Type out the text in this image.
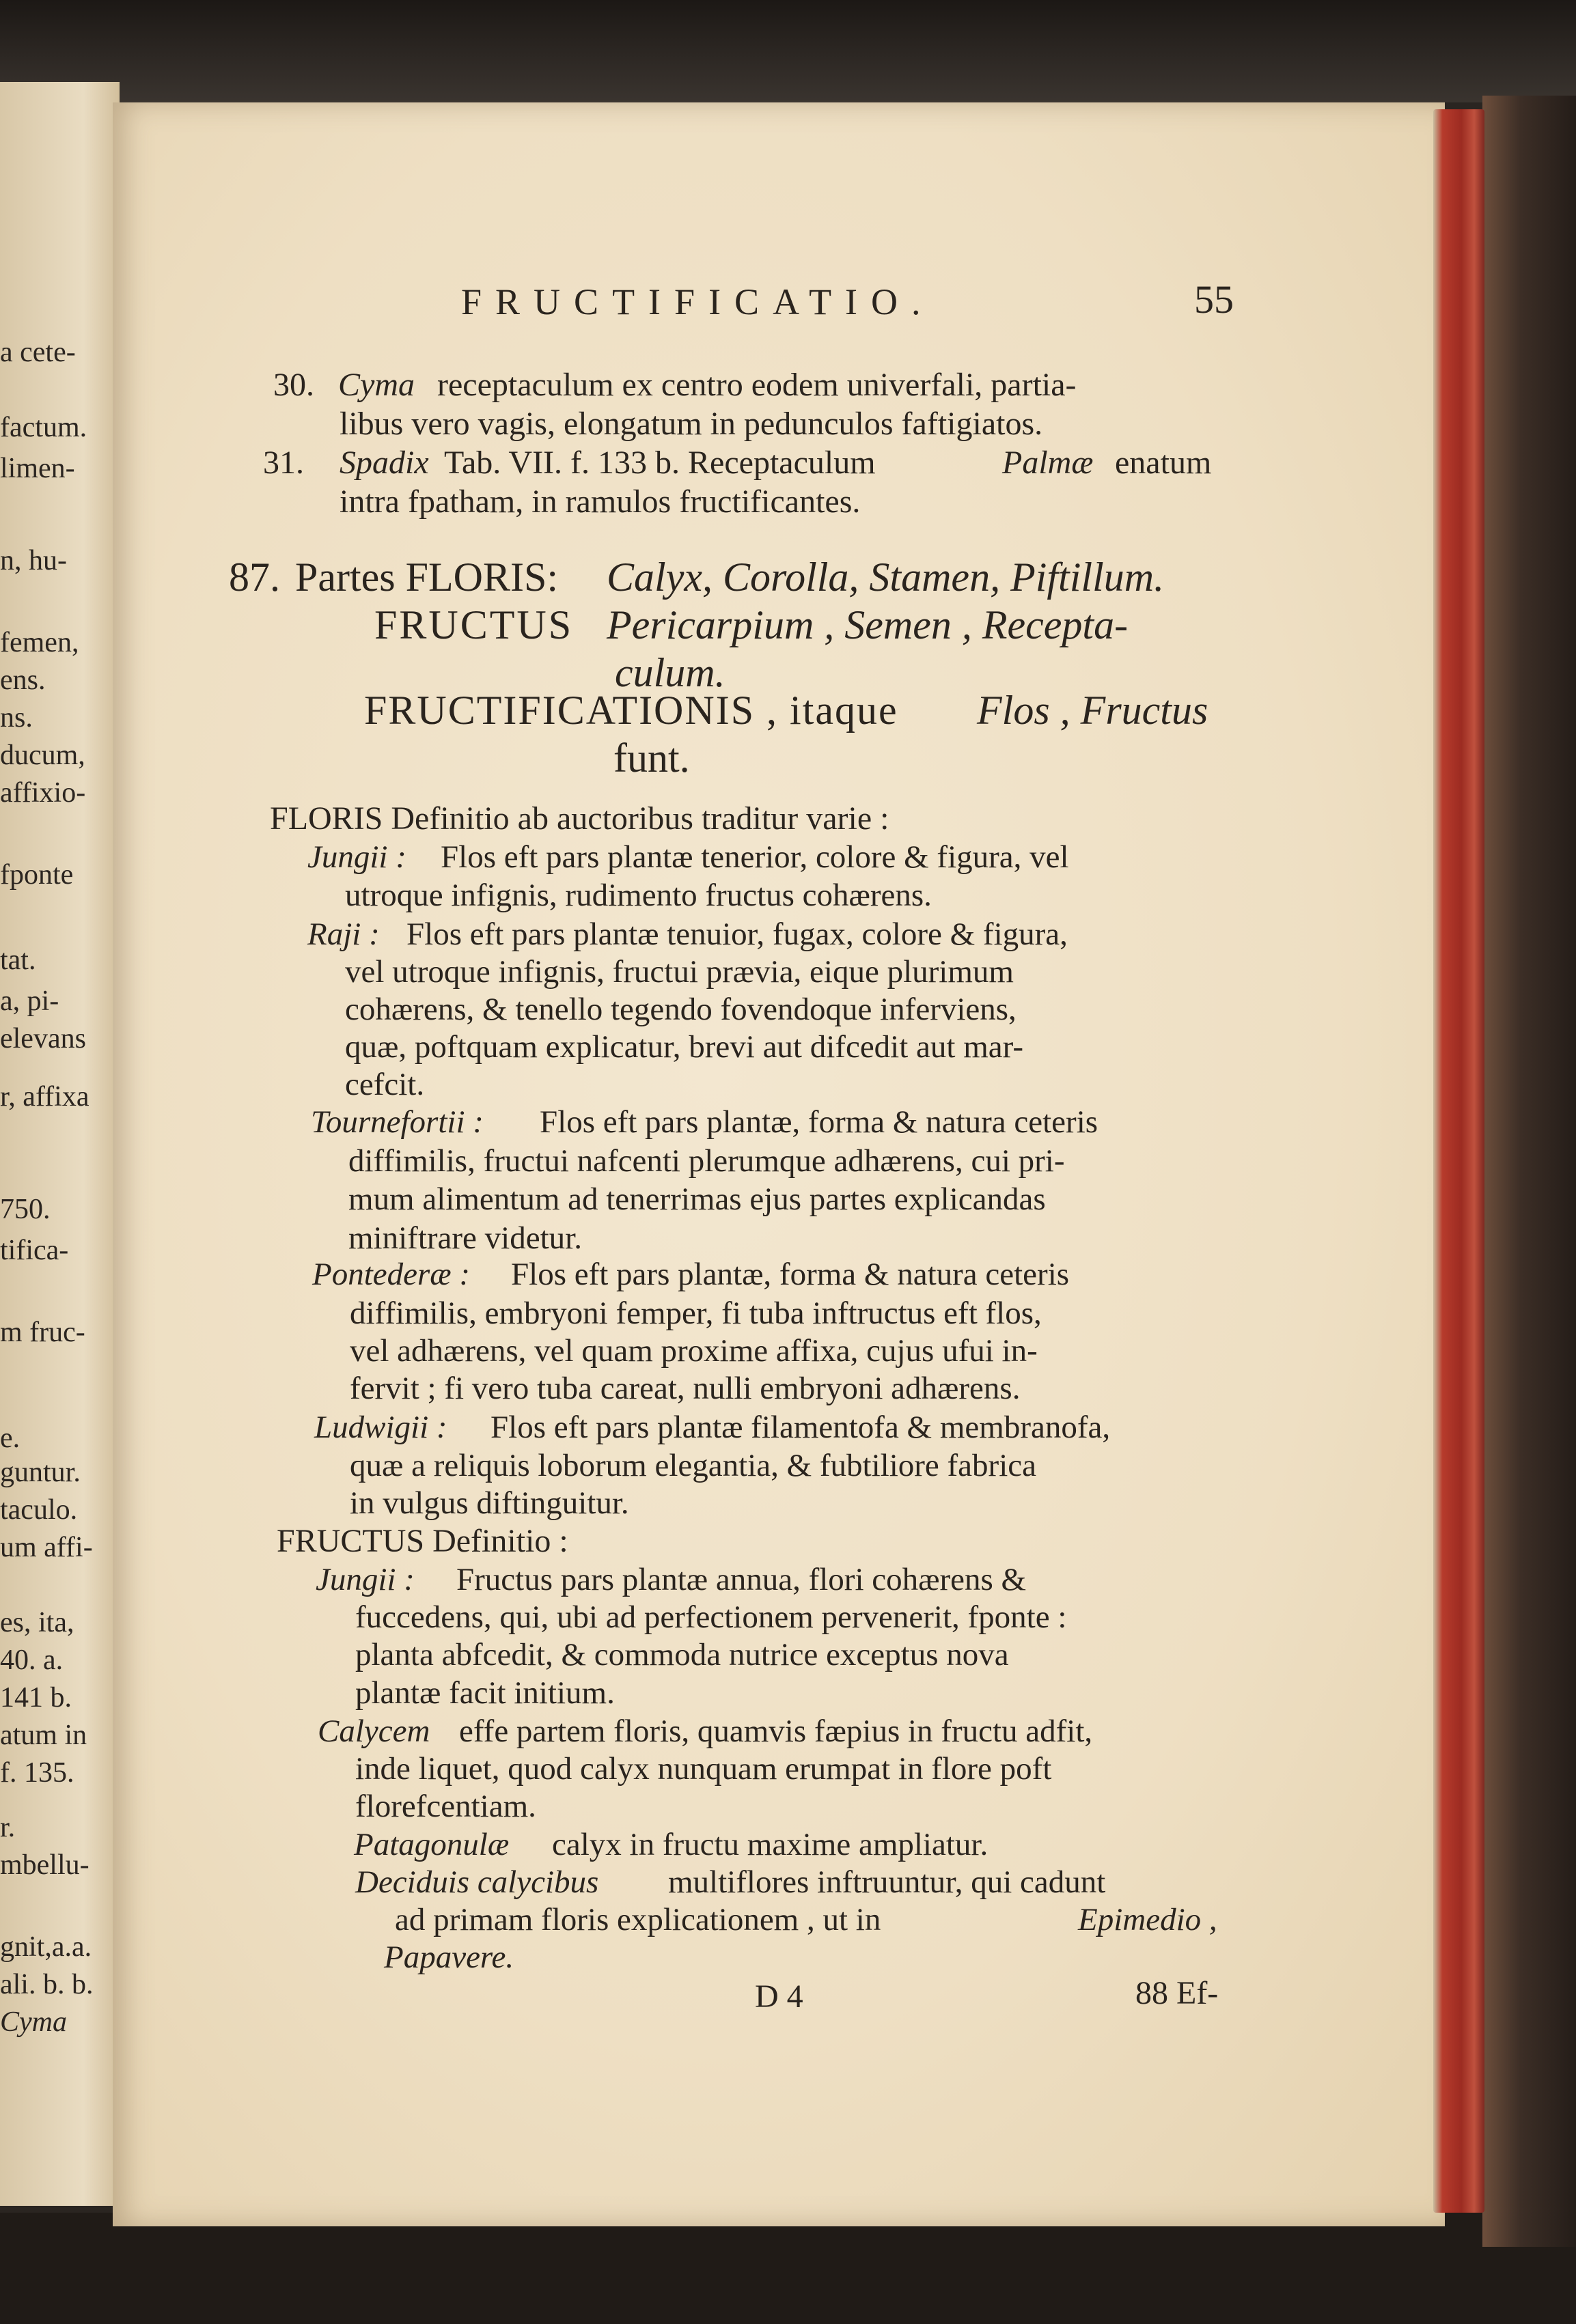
a cete-
factum.
limen-
n, hu-
femen,
ens.
ns.
ducum,
affixio-
fponte
tat.
a, pi-
elevans
r, affixa
750.
tifica-
m fruc-
e.
guntur.
taculo.
um affi-
es, ita,
40. a.
141 b.
atum in
f. 135.
r.
mbellu-
gnit,a.a.
ali. b. b.
Cyma
FRUCTIFICATIO.	55
30. Cyma receptaculum ex centro eodem univerfali, partia-
libus vero vagis, elongatum in pedunculos faftigiatos.
31. Spadix Tab. VII. f. 133 b. Receptaculum	Palmæ enatum
intra fpatham, in ramulos fructificantes.
87. Partes FLORIS: Calyx, Corolla, Stamen, Piftillum.
FRUCTUS Pericarpium , Semen , Recepta-
culum.
FRUCTIFICATIONIS , itaque Flos , Fructus
funt.
FLORIS Definitio ab auctoribus traditur varie :
Jungii : Flos eft pars plantæ tenerior, colore & figura, vel
utroque infignis, rudimento fructus cohærens.
Raji : Flos eft pars plantæ tenuior, fugax, colore & figura,
vel utroque infignis, fructui prævia, eique plurimum
cohærens, & tenello tegendo fovendoque inferviens,
quæ, poftquam explicatur, brevi aut difcedit aut mar-
cefcit.
Tournefortii : Flos eft pars plantæ, forma & natura ceteris
diffimilis, fructui nafcenti plerumque adhærens, cui pri-
mum alimentum ad tenerrimas ejus partes explicandas
miniftrare videtur.
Pontederæ : Flos eft pars plantæ, forma & natura ceteris
diffimilis, embryoni femper, fi tuba inftructus eft flos,
vel adhærens, vel quam proxime affixa, cujus ufui in-
fervit ; fi vero tuba careat, nulli embryoni adhærens.
Ludwigii : Flos eft pars plantæ filamentofa & membranofa,
quæ a reliquis loborum elegantia, & fubtiliore fabrica
in vulgus diftinguitur.
FRUCTUS Definitio :
Jungii : Fructus pars plantæ annua, flori cohærens &
fuccedens, qui, ubi ad perfectionem pervenerit, fponte :
planta abfcedit, & commoda nutrice exceptus nova
plantæ facit initium.
Calycem effe partem floris, quamvis fæpius in fructu adfit,
inde liquet, quod calyx nunquam erumpat in flore poft
florefcentiam.
Patagonulæ calyx in fructu maxime ampliatur.
Deciduis calycibus multiflores inftruuntur, qui cadunt
ad primam floris explicationem , ut in	Epimedio ,
Papavere.
D 4	88 Ef-
